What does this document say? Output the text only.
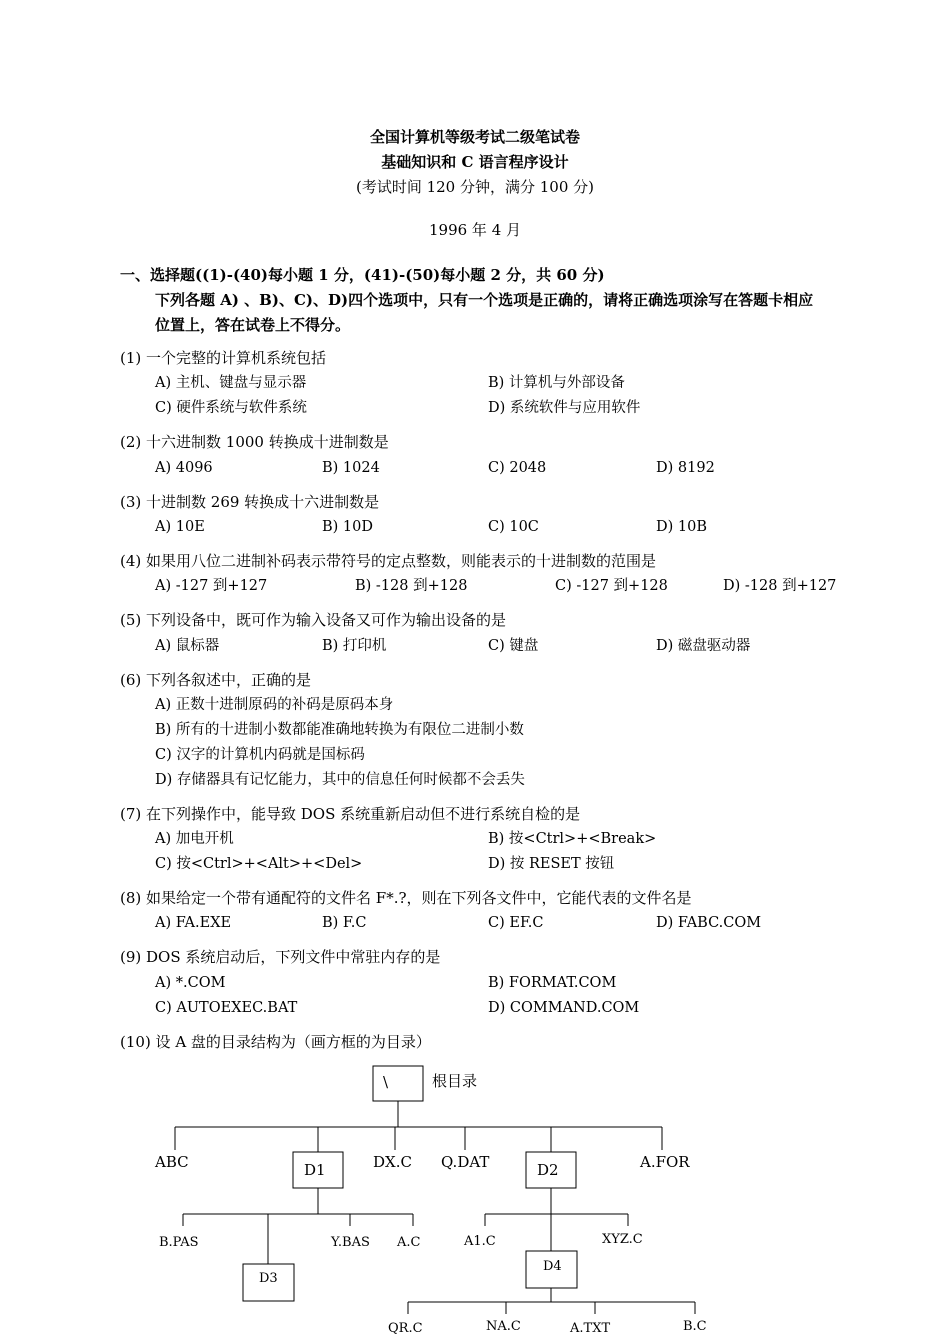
全国计算机等级考试二级笔试卷
基础知识和 C 语言程序设计
(考试时间 120 分钟，满分 100 分)
1996 年 4 月
一、选择题((1)-(40)每小题 1 分，(41)-(50)每小题 2 分，共 60 分)
下列各题 A) 、B)、C)、D)四个选项中，只有一个选项是正确的，请将正确选项涂写在答题卡相应
位置上，答在试卷上不得分。
(1) 一个完整的计算机系统包括
A) 主机、键盘与显示器	B) 计算机与外部设备
C) 硬件系统与软件系统	D) 系统软件与应用软件
(2) 十六进制数 1000 转换成十进制数是
A) 4096	B) 1024	C) 2048	D) 8192
(3) 十进制数 269 转换成十六进制数是
A) 10E	B) 10D	C) 10C	D) 10B
(4) 如果用八位二进制补码表示带符号的定点整数，则能表示的十进制数的范围是
A) -127 到+127	B) -128 到+128	C) -127 到+128	D) -128 到+127
(5) 下列设备中，既可作为输入设备又可作为输出设备的是
A) 鼠标器	B) 打印机	C) 键盘	D) 磁盘驱动器
(6) 下列各叙述中，正确的是
A) 正数十进制原码的补码是原码本身
B) 所有的十进制小数都能准确地转换为有限位二进制小数
C) 汉字的计算机内码就是国标码
D) 存储器具有记忆能力，其中的信息任何时候都不会丢失
(7) 在下列操作中，能导致 DOS 系统重新启动但不进行系统自检的是
A) 加电开机	B) 按<Ctrl>+<Break>
C) 按<Ctrl>+<Alt>+<Del>	D) 按 RESET 按钮
(8) 如果给定一个带有通配符的文件名 F*.?，则在下列各文件中，它能代表的文件名是
A) FA.EXE	B) F.C	C) EF.C	D) FABC.COM
(9) DOS 系统启动后，下列文件中常驻内存的是
A) *.COM	B) FORMAT.COM
C) AUTOEXEC.BAT	D) COMMAND.COM
(10) 设 A 盘的目录结构为（画方框的为目录）
\	根目录
ABC	D1	DX.C Q.DAT	D2	A.FOR
B.PAS	Y.BAS A.C
D3
A1.C	XYZ.C
D4
QR.C	NA.C	A.TXT	B.C
